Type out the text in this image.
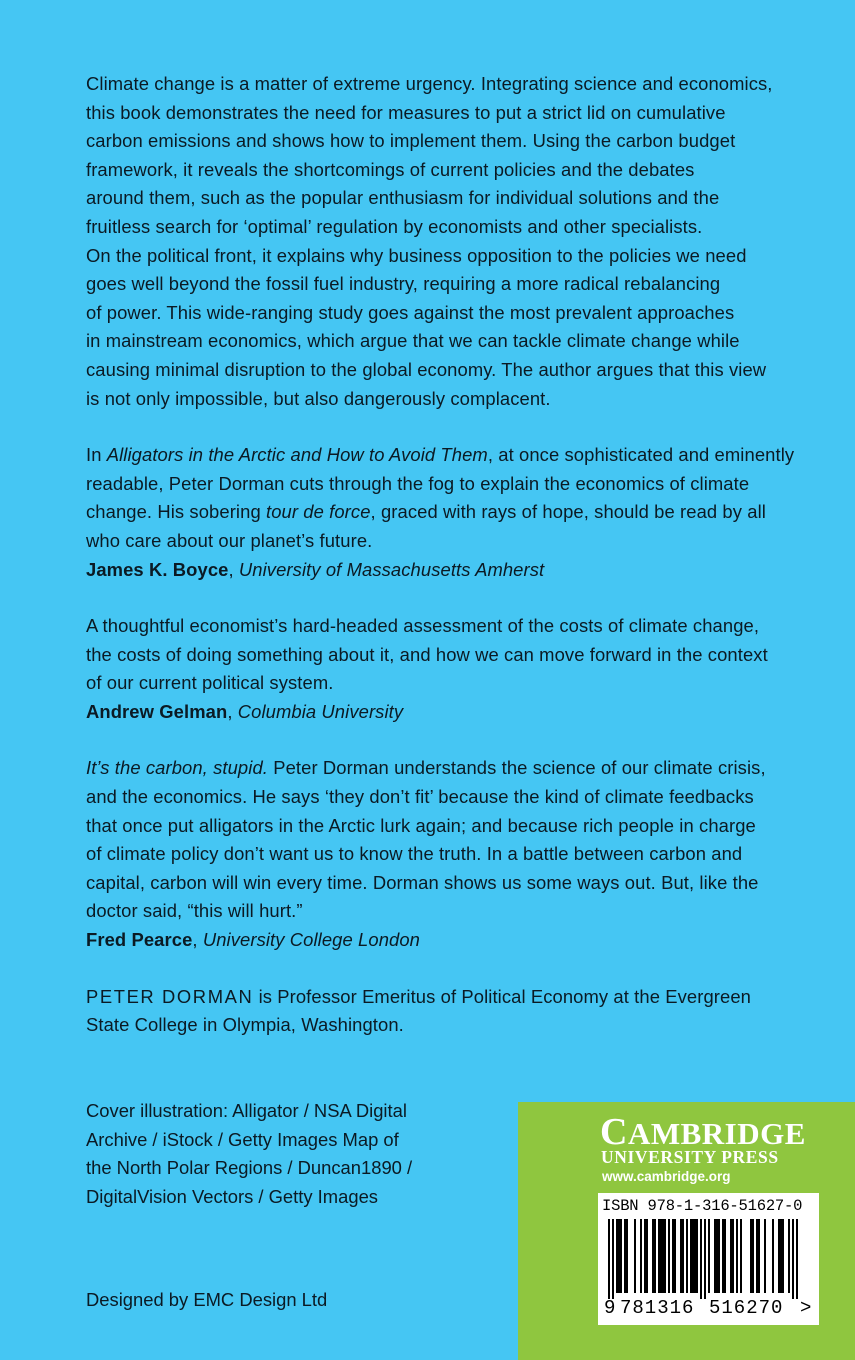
Climate change is a matter of extreme urgency. Integrating science and economics,

this book demonstrates the need for measures to put a strict lid on cumulative

carbon emissions and shows how to implement them. Using the carbon budget

framework, it reveals the shortcomings of current policies and the debates

around them, such as the popular enthusiasm for individual solutions and the

fruitless search for ‘optimal’ regulation by economists and other specialists.

On the political front, it explains why business opposition to the policies we need

goes well beyond the fossil fuel industry, requiring a more radical rebalancing

of power. This wide-ranging study goes against the most prevalent approaches

in mainstream economics, which argue that we can tackle climate change while

causing minimal disruption to the global economy. The author argues that this view

is not only impossible, but also dangerously complacent.

In Alligators in the Arctic and How to Avoid Them, at once sophisticated and eminently

readable, Peter Dorman cuts through the fog to explain the economics of climate

change. His sobering tour de force, graced with rays of hope, should be read by all

who care about our planet’s future.

James K. Boyce, University of Massachusetts Amherst

A thoughtful economist’s hard-headed assessment of the costs of climate change,

the costs of doing something about it, and how we can move forward in the context

of our current political system.

Andrew Gelman, Columbia University

It’s the carbon, stupid. Peter Dorman understands the science of our climate crisis,

and the economics. He says ‘they don’t fit’ because the kind of climate feedbacks

that once put alligators in the Arctic lurk again; and because rich people in charge

of climate policy don’t want us to know the truth. In a battle between carbon and

capital, carbon will win every time. Dorman shows us some ways out. But, like the

doctor said, “this will hurt.”

Fred Pearce, University College London

PETER DORMAN is Professor Emeritus of Political Economy at the Evergreen

State College in Olympia, Washington.

Cover illustration: Alligator / NSA Digital
Archive / iStock / Getty Images Map of
the North Polar Regions / Duncan1890 /
DigitalVision Vectors / Getty Images
Designed by EMC Design Ltd
CAMBRIDGE
UNIVERSITY PRESS
www.cambridge.org
ISBN 978-1-316-51627-0
9 781316 516270 >
